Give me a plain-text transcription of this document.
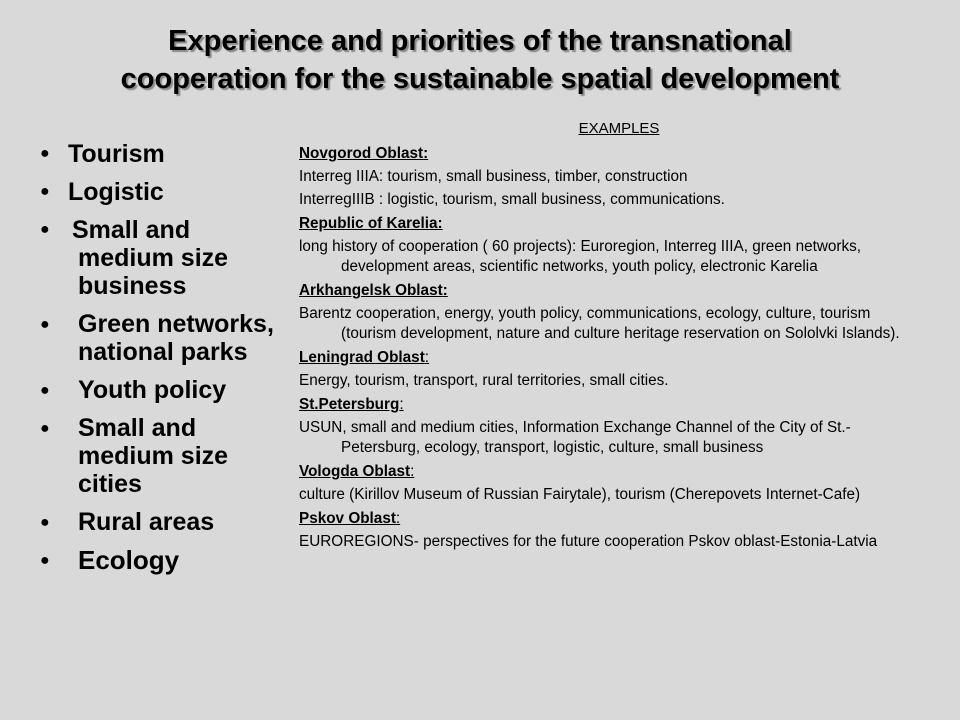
Experience and priorities of the transnational
cooperation for the sustainable spatial development
● Tourism
● Logistic
● Small and medium size business
●	Green networks, national parks
●	Youth policy
●	Small and medium size cities
●	Rural areas
●	Ecology
EXAMPLES
Novgorod Oblast:
Interreg IIIA: tourism, small business, timber, construction
InterregIIIB : logistic, tourism, small business, communications.
Republic of Karelia:
long history of cooperation ( 60 projects): Euroregion, Interreg IIIA, green networks, development areas, scientific networks, youth policy, electronic Karelia
Arkhangelsk Oblast:
Barentz cooperation, energy, youth policy, communications, ecology, culture, tourism (tourism development, nature and culture heritage reservation on Sololvki Islands).
Leningrad Oblast:
Energy, tourism, transport, rural territories, small cities.
St.Petersburg:
USUN, small and medium cities, Information Exchange Channel of the City of St.-Petersburg, ecology, transport, logistic, culture, small business
Vologda Oblast:
culture (Kirillov Museum of Russian Fairytale), tourism (Cherepovets Internet-Cafe)
Pskov Oblast:
EUROREGIONS- perspectives for the future cooperation Pskov oblast-Estonia-Latvia
